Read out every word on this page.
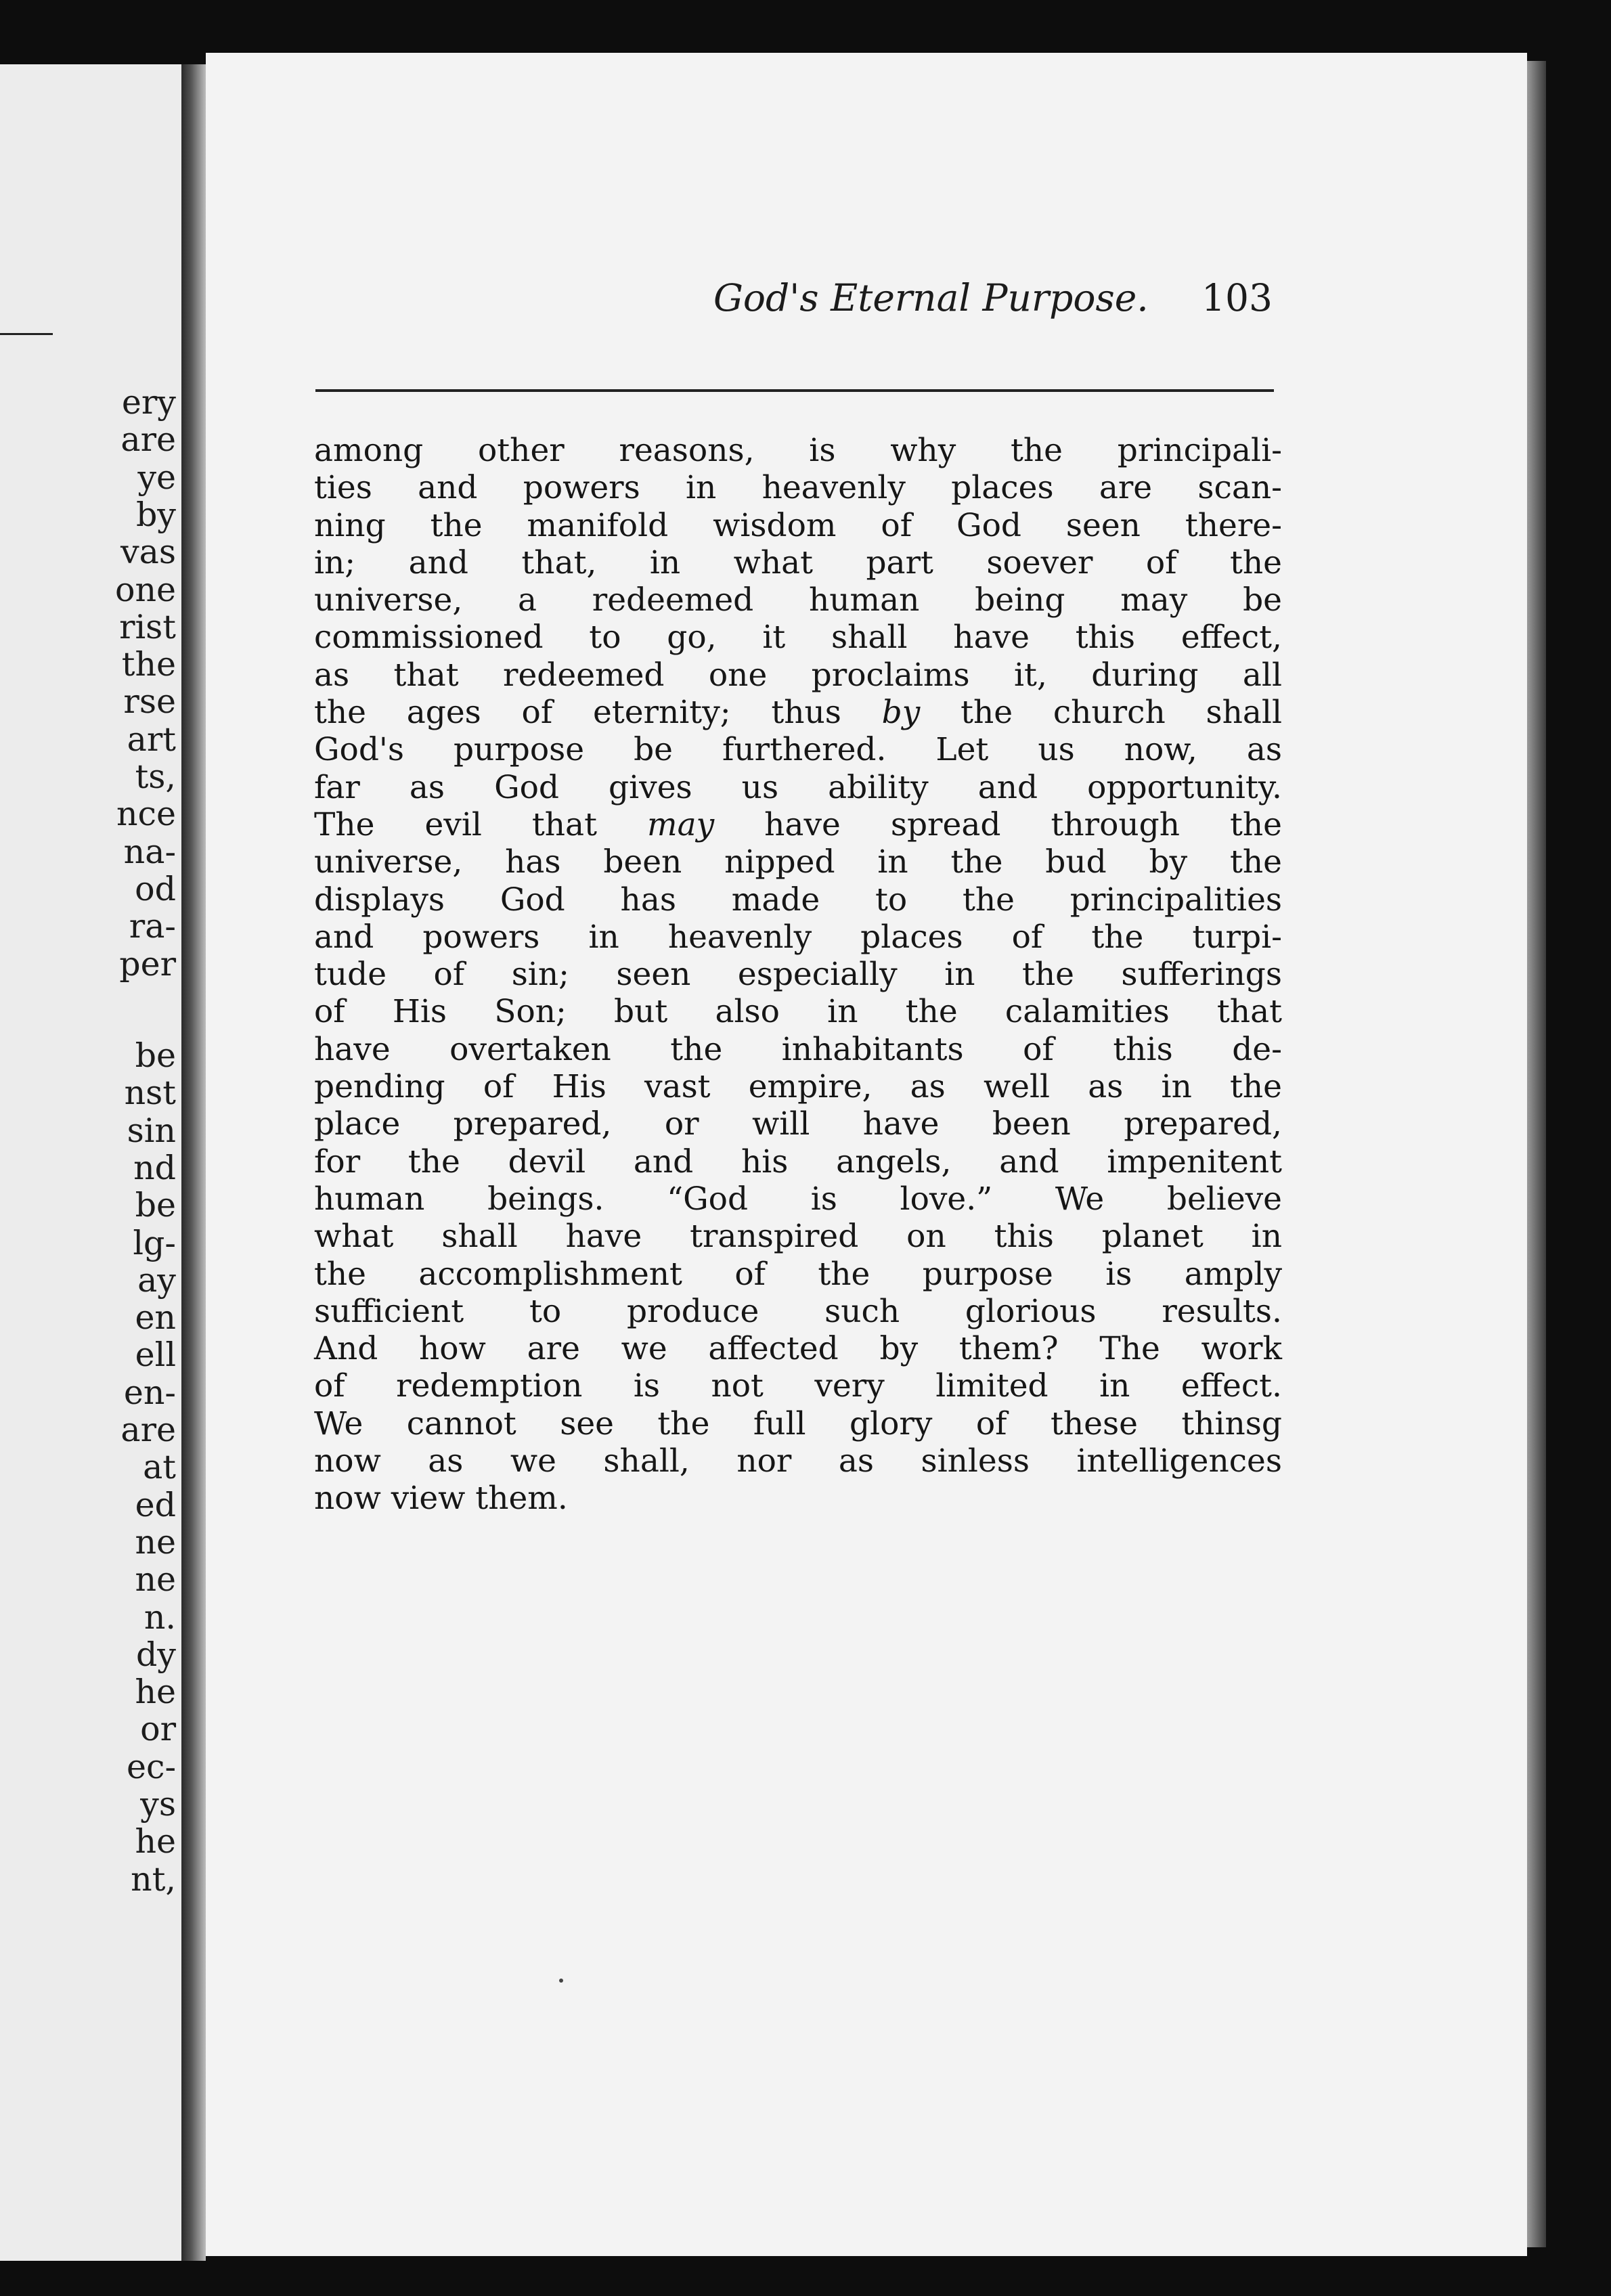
ery
are
ye
by
vas
one
rist
the
rse
art
ts,
nce
na-
od
ra-
per
be
nst
sin
nd
be
lg-
ay
en
ell
en-
are
at
ed
ne
ne
n.
dy
he
or
ec-
ys
he
nt,
God's Eternal Purpose. 103
among other reasons, is why the principali-
ties and powers in heavenly places are scan-
ning the manifold wisdom of God seen there-
in; and that, in what part soever of the
universe, a redeemed human being may be
commissioned to go, it shall have this effect,
as that redeemed one proclaims it, during all
the ages of eternity; thus by the church shall
God's purpose be furthered. Let us now, as
far as God gives us ability and opportunity.
The evil that may have spread through the
universe, has been nipped in the bud by the
displays God has made to the principalities
and powers in heavenly places of the turpi-
tude of sin; seen especially in the sufferings
of His Son; but also in the calamities that
have overtaken the inhabitants of this de-
pending of His vast empire, as well as in the
place prepared, or will have been prepared,
for the devil and his angels, and impenitent
human beings. “God is love.” We believe
what shall have transpired on this planet in
the accomplishment of the purpose is amply
sufficient to produce such glorious results.
And how are we affected by them? The work
of redemption is not very limited in effect.
We cannot see the full glory of these thinsg
now as we shall, nor as sinless intelligences
now view them.
